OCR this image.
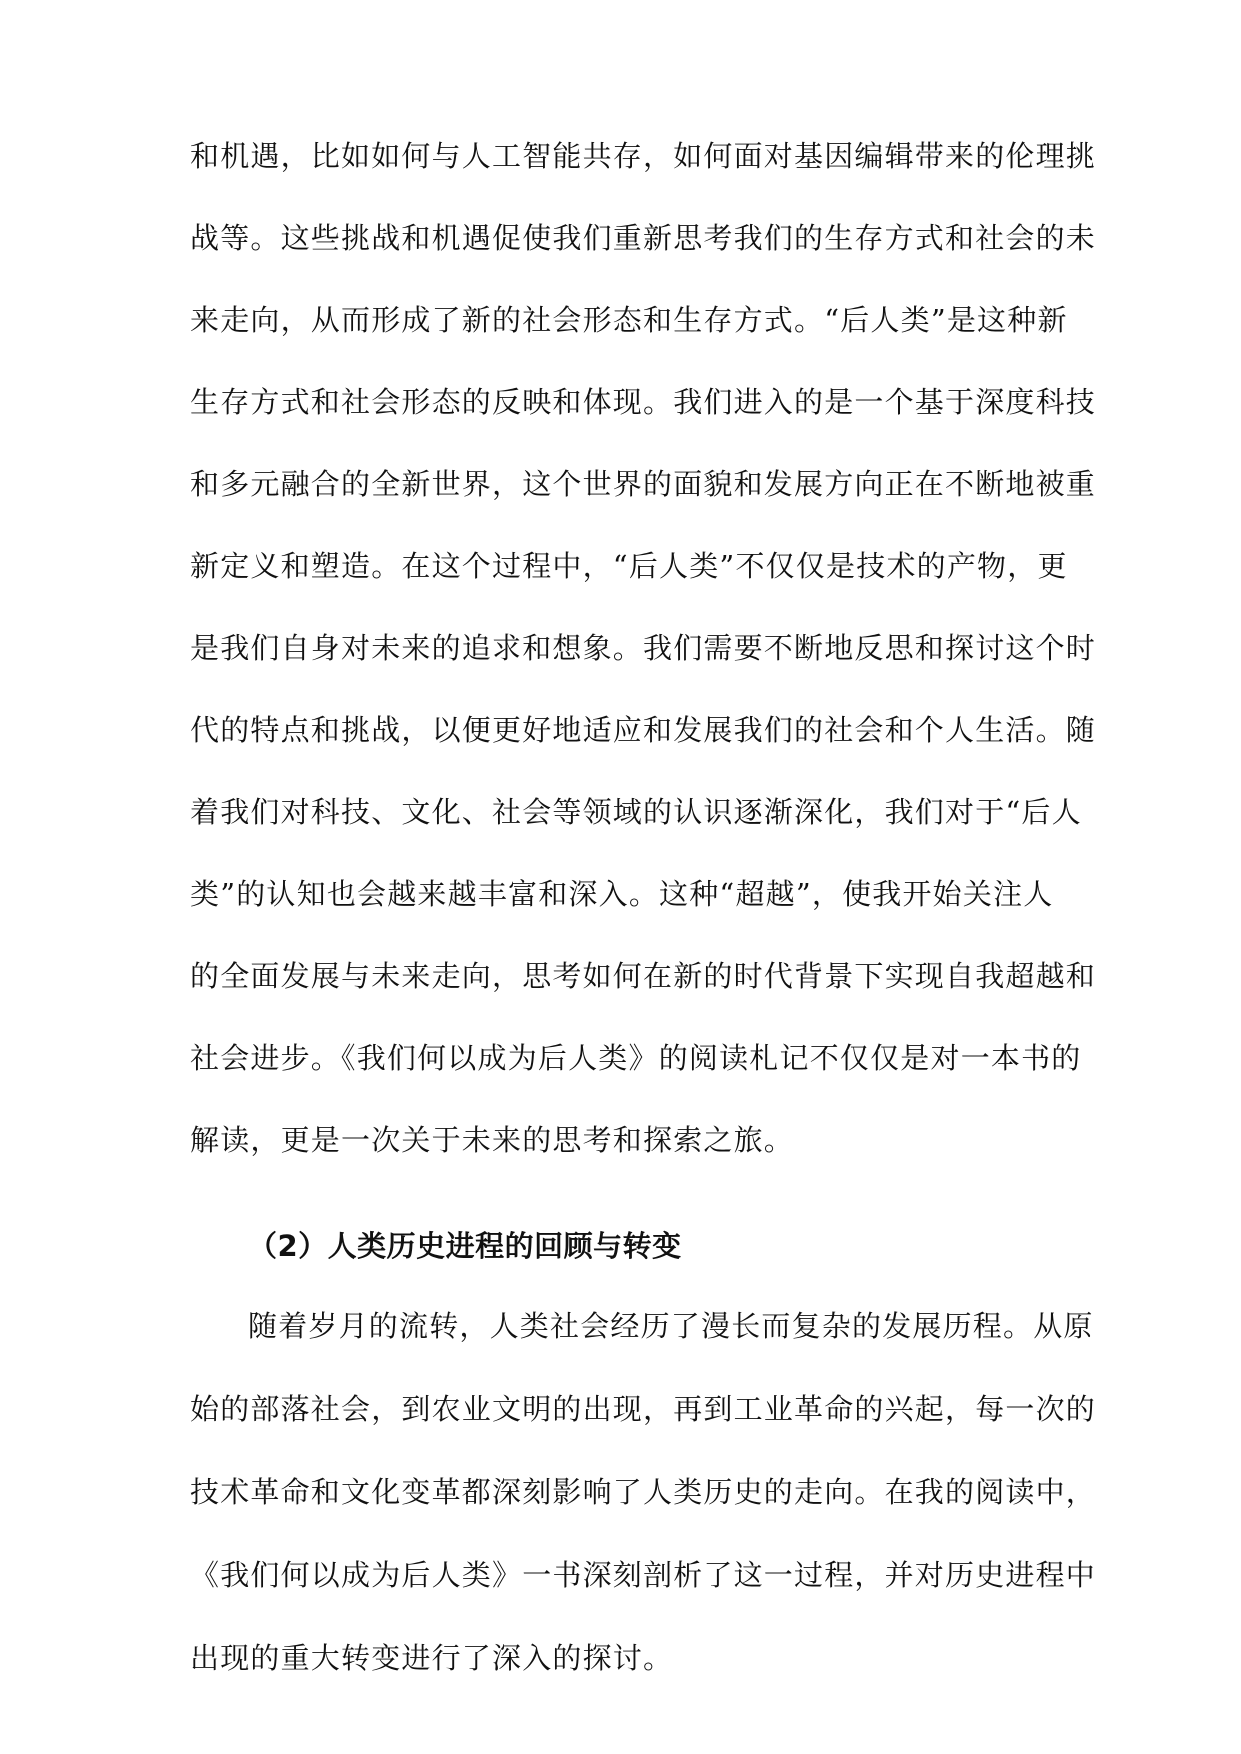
和机遇，比如如何与人工智能共存，如何面对基因编辑带来的伦理挑
战等。这些挑战和机遇促使我们重新思考我们的生存方式和社会的未
来走向，从而形成了新的社会形态和生存方式。“后人类”是这种新
生存方式和社会形态的反映和体现。我们进入的是一个基于深度科技
和多元融合的全新世界，这个世界的面貌和发展方向正在不断地被重
新定义和塑造。在这个过程中，“后人类”不仅仅是技术的产物，更
是我们自身对未来的追求和想象。我们需要不断地反思和探讨这个时
代的特点和挑战，以便更好地适应和发展我们的社会和个人生活。随
着我们对科技、文化、社会等领域的认识逐渐深化，我们对于“后人
类”的认知也会越来越丰富和深入。这种“超越”，使我开始关注人
的全面发展与未来走向，思考如何在新的时代背景下实现自我超越和
社会进步。《我们何以成为后人类》的阅读札记不仅仅是对一本书的
解读，更是一次关于未来的思考和探索之旅。
（2）人类历史进程的回顾与转变
随着岁月的流转，人类社会经历了漫长而复杂的发展历程。从原
始的部落社会，到农业文明的出现，再到工业革命的兴起，每一次的
技术革命和文化变革都深刻影响了人类历史的走向。在我的阅读中，
《我们何以成为后人类》一书深刻剖析了这一过程，并对历史进程中
出现的重大转变进行了深入的探讨。
